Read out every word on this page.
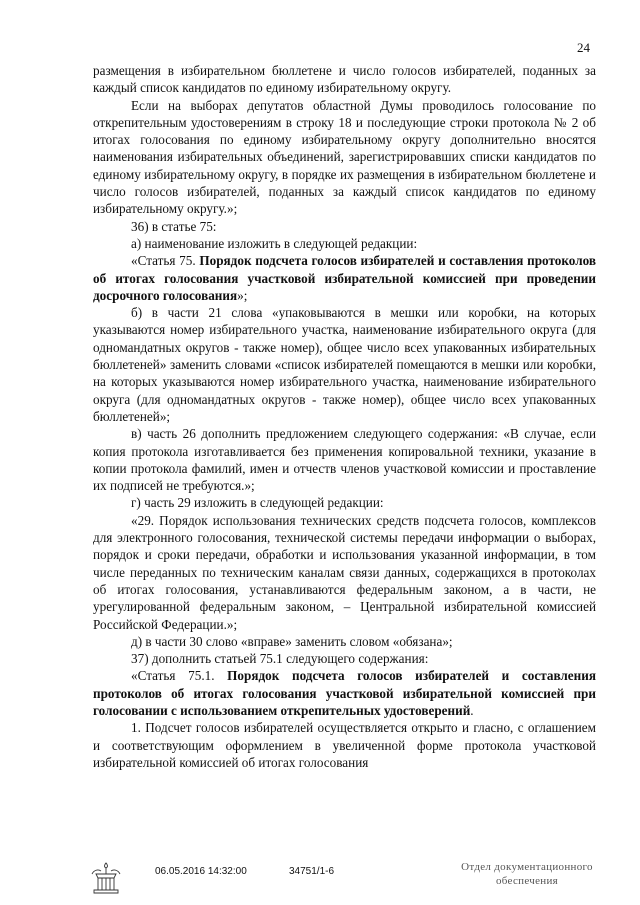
24

размещения в избирательном бюллетене и число голосов избирателей, поданных за каждый список кандидатов по единому избирательному округу.

Если на выборах депутатов областной Думы проводилось голосование по открепительным удостоверениям в строку 18 и последующие строки протокола № 2 об итогах голосования по единому избирательному округу дополнительно вносятся наименования избирательных объединений, зарегистрировавших списки кандидатов по единому избирательному округу, в порядке их размещения в избирательном бюллетене и число голосов избирателей, поданных за каждый список кандидатов по единому избирательному округу.»;

36) в статье 75:

а) наименование изложить в следующей редакции:

«Статья 75. Порядок подсчета голосов избирателей и составления протоколов об итогах голосования участковой избирательной комиссией при проведении досрочного голосования»;

б) в части 21 слова «упаковываются в мешки или коробки, на которых указываются номер избирательного участка, наименование избирательного округа (для одномандатных округов - также номер), общее число всех упакованных избирательных бюллетеней» заменить словами «список избирателей помещаются в мешки или коробки, на которых указываются номер избирательного участка, наименование избирательного округа (для одномандатных округов - также номер), общее число всех упакованных бюллетеней»;

в) часть 26 дополнить предложением следующего содержания: «В случае, если копия протокола изготавливается без применения копировальной техники, указание в копии протокола фамилий, имен и отчеств членов участковой комиссии и проставление их подписей не требуются.»;

г) часть 29 изложить в следующей редакции:

«29. Порядок использования технических средств подсчета голосов, комплексов для электронного голосования, технической системы передачи информации о выборах, порядок и сроки передачи, обработки и использования указанной информации, в том числе переданных по техническим каналам связи данных, содержащихся в протоколах об итогах голосования, устанавливаются федеральным законом, а в части, не урегулированной федеральным законом, – Центральной избирательной комиссией Российской Федерации.»;

д) в части 30 слово «вправе» заменить словом «обязана»;

37) дополнить статьей 75.1 следующего содержания:

«Статья 75.1. Порядок подсчета голосов избирателей и составления протоколов об итогах голосования участковой избирательной комиссией при голосовании с использованием открепительных удостоверений.

1. Подсчет голосов избирателей осуществляется открыто и гласно, с оглашением и соответствующим оформлением в увеличенной форме протокола участковой избирательной комиссией об итогах голосования

06.05.2016 14:32:00	34751/1-6	Отдел документационного
обеспечения
